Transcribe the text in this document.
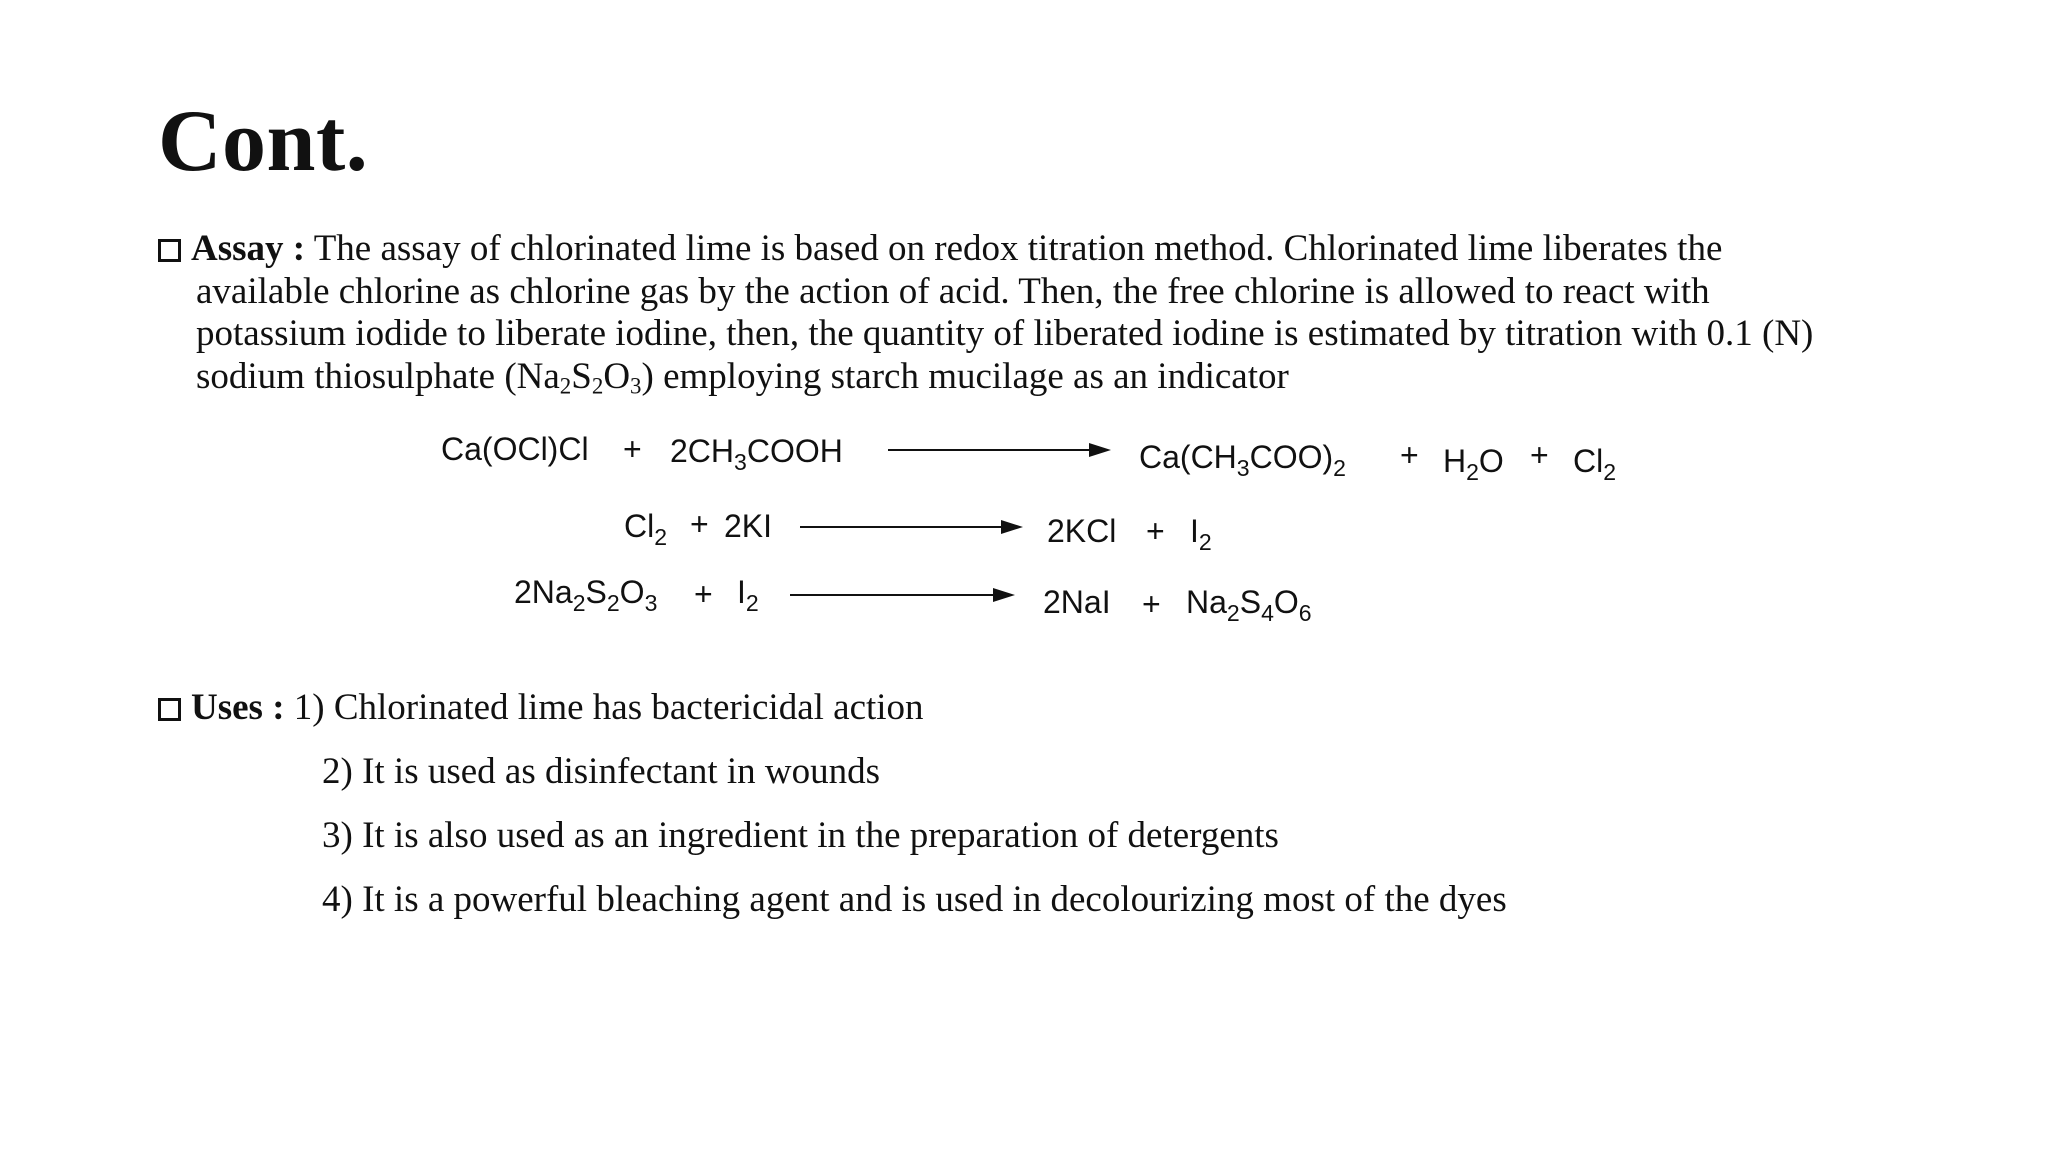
Cont.
Assay : The assay of chlorinated lime is based on redox titration method. Chlorinated lime liberates the
available chlorine as chlorine gas by the action of acid. Then, the free chlorine is allowed to react with
potassium iodide to liberate iodine, then, the quantity of liberated iodine is estimated by titration with 0.1 (N)
sodium thiosulphate $(Na_2S_2O_3)$ employing starch mucilage as an indicator
$Ca(OCl)Cl + 2CH_3COOH$	$Ca(CH_3COO)_2 + H_2O + Cl_2$
$Cl_2 + 2KI$	$2KCl + I_2$
$2Na_2S_2O_3 + I_2$	$2NaI + Na_2S_4O_6$
Uses : 1) Chlorinated lime has bactericidal action
2) It is used as disinfectant in wounds
3) It is also used as an ingredient in the preparation of detergents
4) It is a powerful bleaching agent and is used in decolourizing most of the dyes
